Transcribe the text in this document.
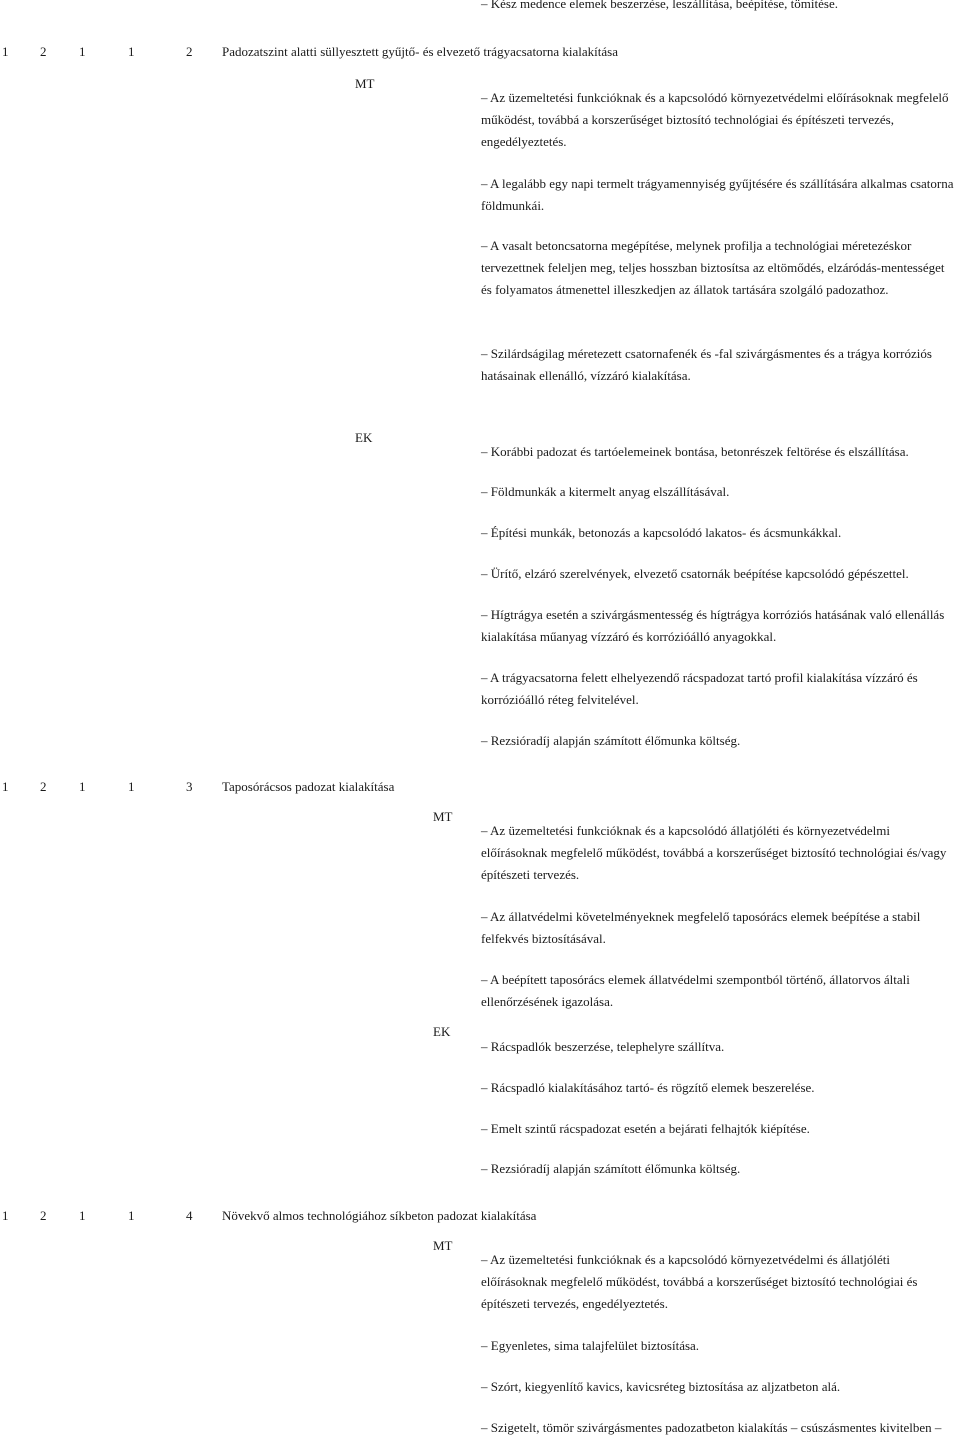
– Kész medence elemek beszerzése, leszállítása, beépítése, tömítése.
1 2	1	1	2 Padozatszint alatti süllyesztett gyűjtő- és elvezető trágyacsatorna kialakítása
MT
– Az üzemeltetési funkcióknak és a kapcsolódó környezetvédelmi előírásoknak megfelelő működést, továbbá a korszerűséget biztosító technológiai és építészeti tervezés, engedélyeztetés.
– A legalább egy napi termelt trágyamennyiség gyűjtésére és szállítására alkalmas csatorna földmunkái.
– A vasalt betoncsatorna megépítése, melynek profilja a technológiai méretezéskor tervezettnek feleljen meg, teljes hosszban biztosítsa az eltömődés, elzáródás-mentességet és folyamatos átmenettel illeszkedjen az állatok tartására szolgáló padozathoz.
– Szilárdságilag méretezett csatornafenék és -fal szivárgásmentes és a trágya korróziós hatásainak ellenálló, vízzáró kialakítása.
EK
– Korábbi padozat és tartóelemeinek bontása, betonrészek feltörése és elszállítása.
– Földmunkák a kitermelt anyag elszállításával.
– Építési munkák, betonozás a kapcsolódó lakatos- és ácsmunkákkal.
– Ürítő, elzáró szerelvények, elvezető csatornák beépítése kapcsolódó gépészettel.
– Hígtrágya esetén a szivárgásmentesség és hígtrágya korróziós hatásának való ellenállás kialakítása műanyag vízzáró és korrózióálló anyagokkal.
– A trágyacsatorna felett elhelyezendő rácspadozat tartó profil kialakítása vízzáró és korrózióálló réteg felvitelével.
– Rezsióradíj alapján számított élőmunka költség.
1 2	1	1	3 Taposórácsos padozat kialakítása
MT
– Az üzemeltetési funkcióknak és a kapcsolódó állatjóléti és környezetvédelmi előírásoknak megfelelő működést, továbbá a korszerűséget biztosító technológiai és/vagy építészeti tervezés.
– Az állatvédelmi követelményeknek megfelelő taposórács elemek beépítése a stabil felfekvés biztosításával.
– A beépített taposórács elemek állatvédelmi szempontból történő, állatorvos általi ellenőrzésének igazolása.
EK
– Rácspadlók beszerzése, telephelyre szállítva.
– Rácspadló kialakításához tartó- és rögzítő elemek beszerelése.
– Emelt szintű rácspadozat esetén a bejárati felhajtók kiépítése.
– Rezsióradíj alapján számított élőmunka költség.
1 2	1	1	4 Növekvő almos technológiához síkbeton padozat kialakítása
MT
– Az üzemeltetési funkcióknak és a kapcsolódó környezetvédelmi és állatjóléti előírásoknak megfelelő működést, továbbá a korszerűséget biztosító technológiai és építészeti tervezés, engedélyeztetés.
– Egyenletes, sima talajfelület biztosítása.
– Szórt, kiegyenlítő kavics, kavicsréteg biztosítása az aljzatbeton alá.
– Szigetelt, tömör szivárgásmentes padozatbeton kialakítás – csúszásmentes kivitelben –
